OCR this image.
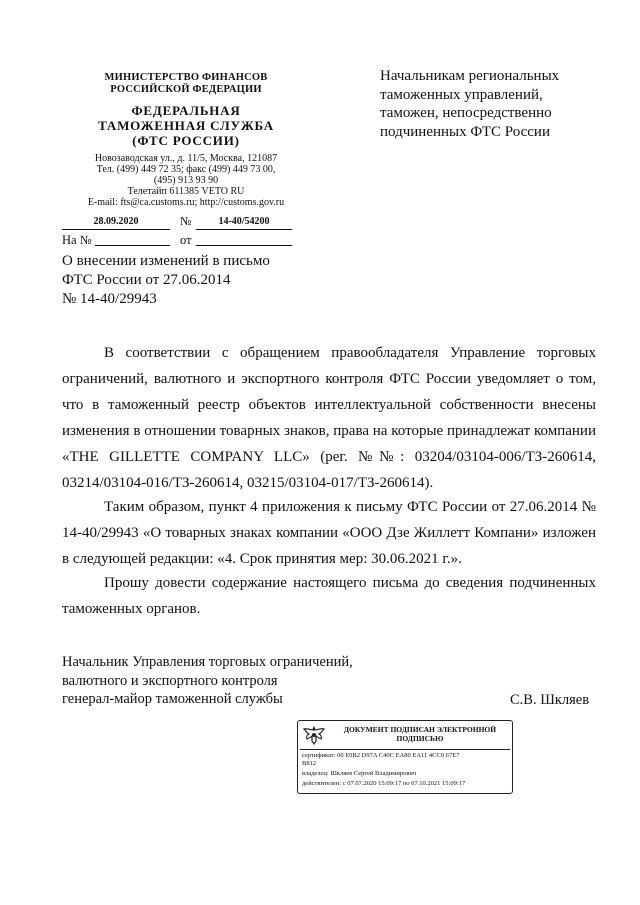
МИНИСТЕРСТВО ФИНАНСОВ
РОССИЙСКОЙ ФЕДЕРАЦИИ
ФЕДЕРАЛЬНАЯ
ТАМОЖЕННАЯ СЛУЖБА
(ФТС РОССИИ)
Новозаводская ул., д. 11/5, Москва, 121087
Тел. (499) 449 72 35; факс (499) 449 73 00,
(495) 913 93 90
Телетайп 611385 VETO RU
E-mail: fts@ca.customs.ru; http://customs.gov.ru
28.09.2020	№	14-40/54200
На №	от
О внесении изменений в письмо
ФТС России от 27.06.2014
№ 14-40/29943
Начальникам региональных
таможенных управлений,
таможен, непосредственно
подчиненных ФТС России
В соответствии с обращением правообладателя Управление торговых ограничений, валютного и экспортного контроля ФТС России уведомляет о том, что в таможенный реестр объектов интеллектуальной собственности внесены изменения в отношении товарных знаков, права на которые принадлежат компании «THE GILLETTE COMPANY LLC» (рег. №№: 03204/03104-006/ТЗ-260614, 03214/03104-016/ТЗ-260614, 03215/03104-017/ТЗ-260614).
Таким образом, пункт 4 приложения к письму ФТС России от 27.06.2014 № 14-40/29943 «О товарных знаках компании «ООО Дзе Жиллетт Компани» изложен в следующей редакции: «4. Срок принятия мер: 30.06.2021 г.».
Прошу довести содержание настоящего письма до сведения подчиненных таможенных органов.
Начальник Управления торговых ограничений,
валютного и экспортного контроля
генерал-майор таможенной службы	С.В. Шкляев
ДОКУМЕНТ ПОДПИСАН ЭЛЕКТРОННОЙ
ПОДПИСЬЮ
сертификат: 00 E0B2 D97A C40C EA80 EA11 4CC0 67E7
B812
владелец: Шкляев Сергей Владимирович
действителен: с 07.07.2020 15:09:17 по 07.10.2021 15:09:17
